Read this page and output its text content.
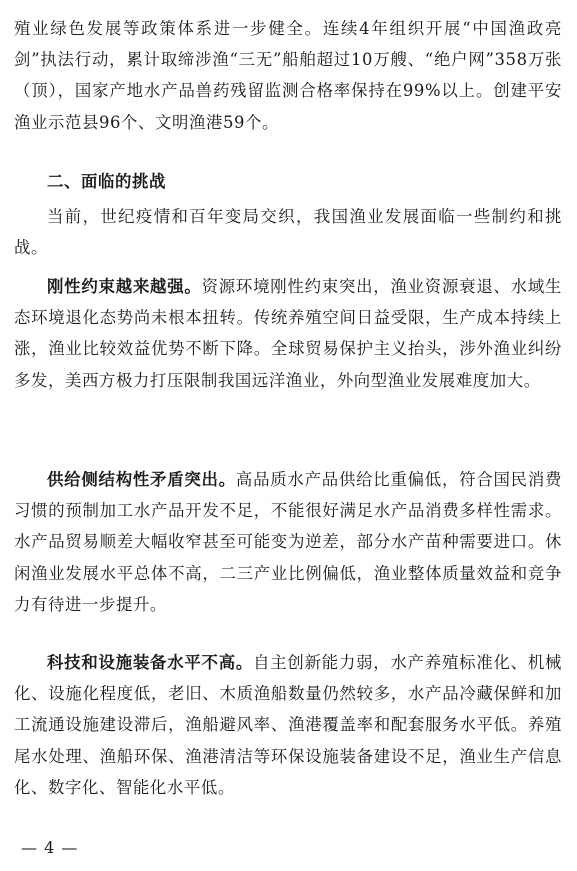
殖业绿色发展等政策体系进一步健全。连续4年组织开展“中国渔政亮剑”执法行动，累计取缔涉渔“三无”船舶超过10万艘、“绝户网”358万张（顶），国家产地水产品兽药残留监测合格率保持在99%以上。创建平安渔业示范县96个、文明渔港59个。

二、面临的挑战

当前，世纪疫情和百年变局交织，我国渔业发展面临一些制约和挑战。

刚性约束越来越强。资源环境刚性约束突出，渔业资源衰退、水域生态环境退化态势尚未根本扭转。传统养殖空间日益受限，生产成本持续上涨，渔业比较效益优势不断下降。全球贸易保护主义抬头，涉外渔业纠纷多发，美西方极力打压限制我国远洋渔业，外向型渔业发展难度加大。

供给侧结构性矛盾突出。高品质水产品供给比重偏低，符合国民消费习惯的预制加工水产品开发不足，不能很好满足水产品消费多样性需求。水产品贸易顺差大幅收窄甚至可能变为逆差，部分水产苗种需要进口。休闲渔业发展水平总体不高，二三产业比例偏低，渔业整体质量效益和竞争力有待进一步提升。

科技和设施装备水平不高。自主创新能力弱，水产养殖标准化、机械化、设施化程度低，老旧、木质渔船数量仍然较多，水产品冷藏保鲜和加工流通设施建设滞后，渔船避风率、渔港覆盖率和配套服务水平低。养殖尾水处理、渔船环保、渔港清洁等环保设施装备建设不足，渔业生产信息化、数字化、智能化水平低。

— 4 —
